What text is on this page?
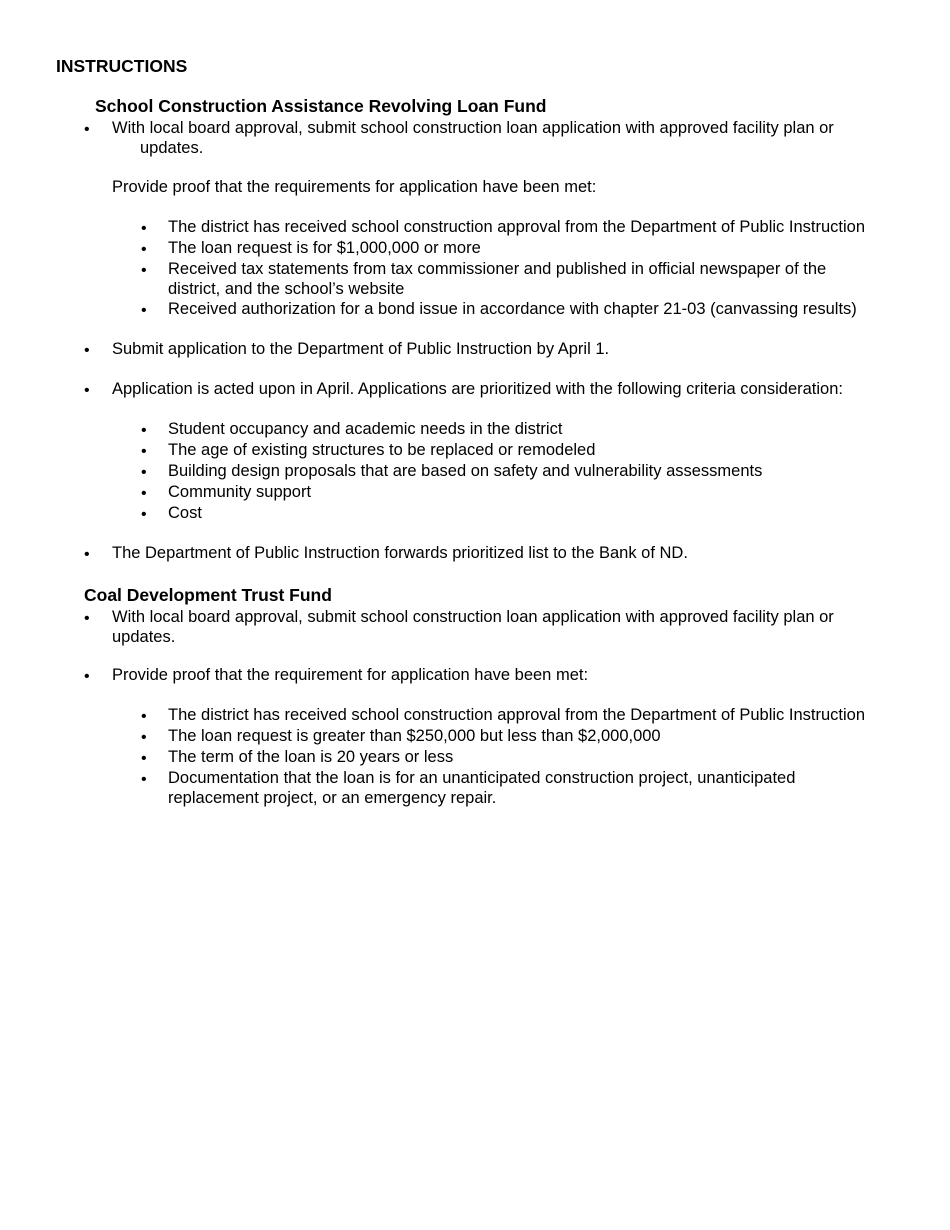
INSTRUCTIONS
School Construction Assistance Revolving Loan Fund
• With local board approval, submit school construction loan application with approved facility plan or
updates.
Provide proof that the requirements for application have been met:
• The district has received school construction approval from the Department of Public Instruction
• The loan request is for $1,000,000 or more
• Received tax statements from tax commissioner and published in official newspaper of the
district, and the school’s website
• Received authorization for a bond issue in accordance with chapter 21-03 (canvassing results)
• Submit application to the Department of Public Instruction by April 1.
• Application is acted upon in April. Applications are prioritized with the following criteria consideration:
• Student occupancy and academic needs in the district
• The age of existing structures to be replaced or remodeled
• Building design proposals that are based on safety and vulnerability assessments
• Community support
• Cost
• The Department of Public Instruction forwards prioritized list to the Bank of ND.
Coal Development Trust Fund
• With local board approval, submit school construction loan application with approved facility plan or
updates.
• Provide proof that the requirement for application have been met:
• The district has received school construction approval from the Department of Public Instruction
• The loan request is greater than $250,000 but less than $2,000,000
• The term of the loan is 20 years or less
• Documentation that the loan is for an unanticipated construction project, unanticipated
replacement project, or an emergency repair.
